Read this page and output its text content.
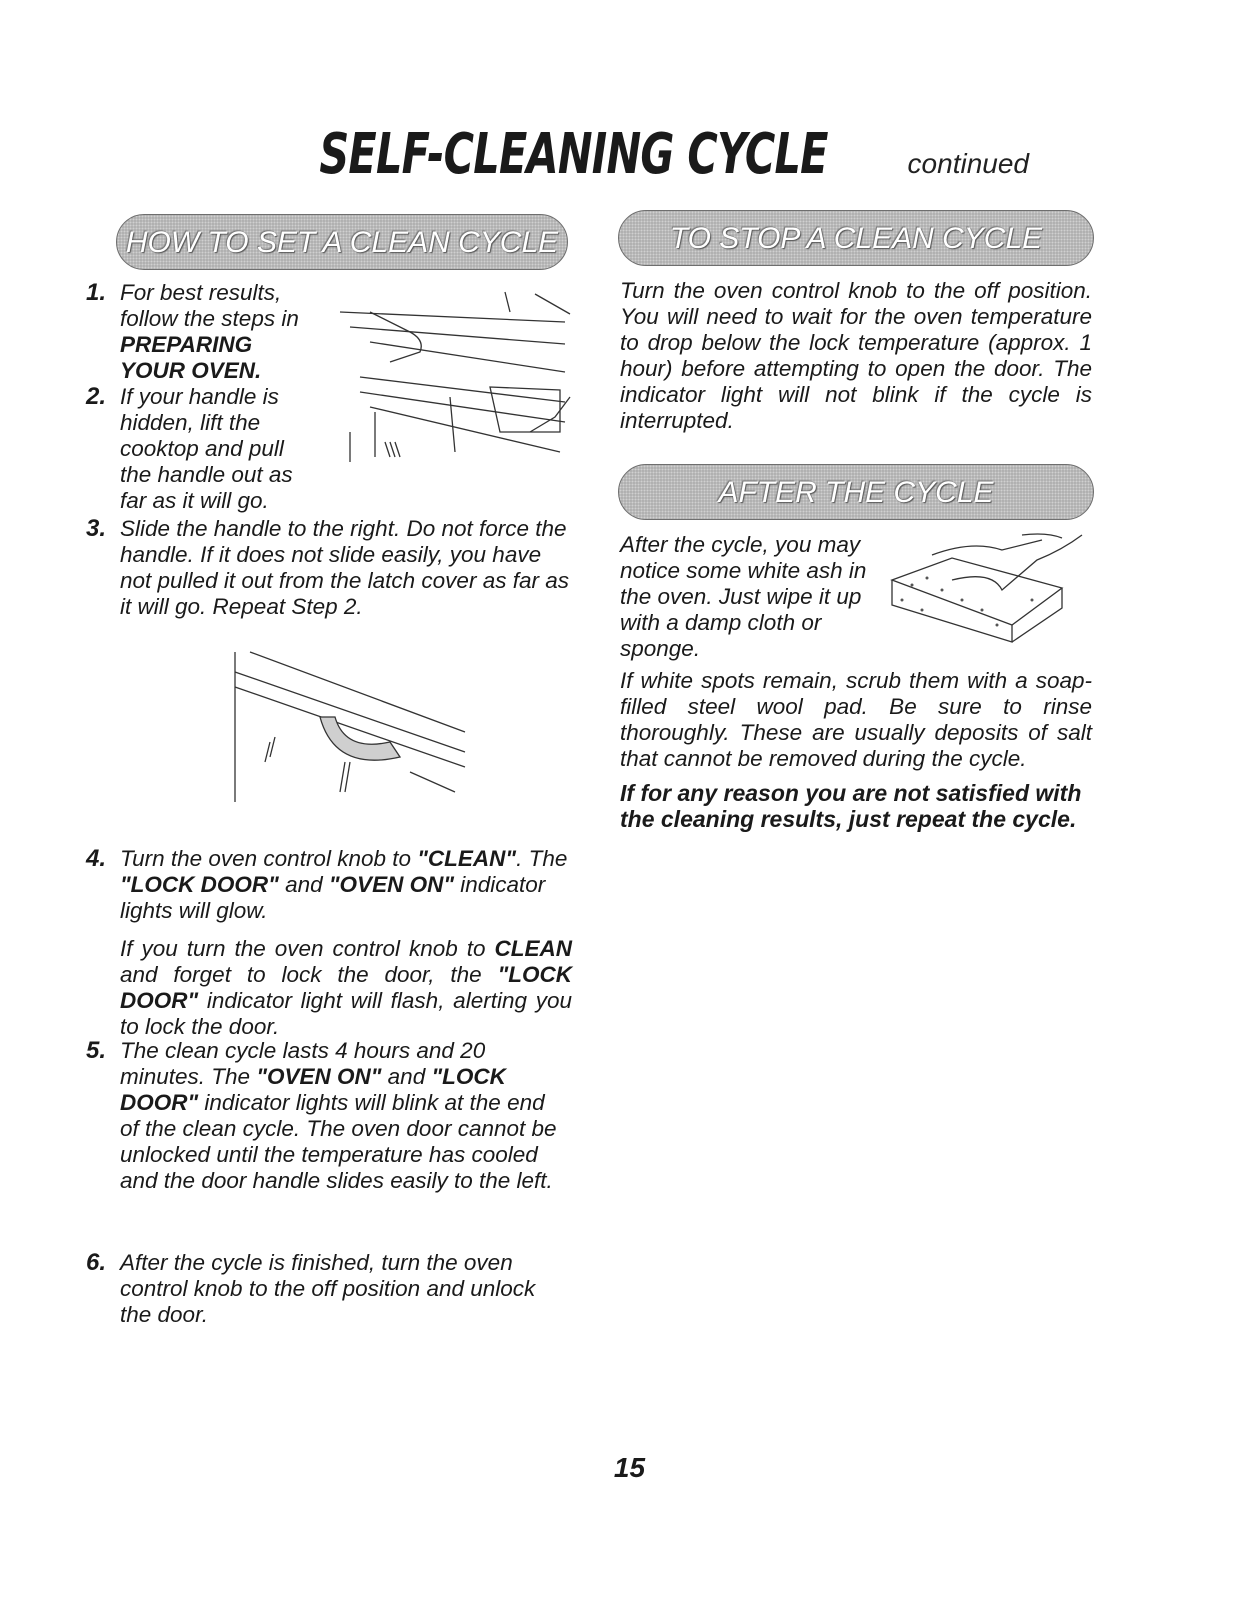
SELF-CLEANING CYCLE	continued
HOW TO SET A CLEAN CYCLE
1. For best results, follow the steps in PREPARING YOUR OVEN.
2. If your handle is hidden, lift the cooktop and pull the handle out as far as it will go.
3. Slide the handle to the right. Do not force the handle. If it does not slide easily, you have not pulled it out from the latch cover as far as it will go. Repeat Step 2.
4. Turn the oven control knob to "CLEAN". The "LOCK DOOR" and "OVEN ON" indicator lights will glow.
If you turn the oven control knob to CLEAN and forget to lock the door, the "LOCK DOOR" indicator light will flash, alerting you to lock the door.
5. The clean cycle lasts 4 hours and 20 minutes. The "OVEN ON" and "LOCK DOOR" indicator lights will blink at the end of the clean cycle. The oven door cannot be unlocked until the temperature has cooled and the door handle slides easily to the left.
6. After the cycle is finished, turn the oven control knob to the off position and unlock the door.
TO STOP A CLEAN CYCLE
Turn the oven control knob to the off position. You will need to wait for the oven temperature to drop below the lock temperature (approx. 1 hour) before attempting to open the door. The indicator light will not blink if the cycle is interrupted.
AFTER THE CYCLE
After the cycle, you may notice some white ash in the oven. Just wipe it up with a damp cloth or sponge.
If white spots remain, scrub them with a soap-filled steel wool pad. Be sure to rinse thoroughly. These are usually deposits of salt that cannot be removed during the cycle.
If for any reason you are not satisfied with the cleaning results, just repeat the cycle.
15
